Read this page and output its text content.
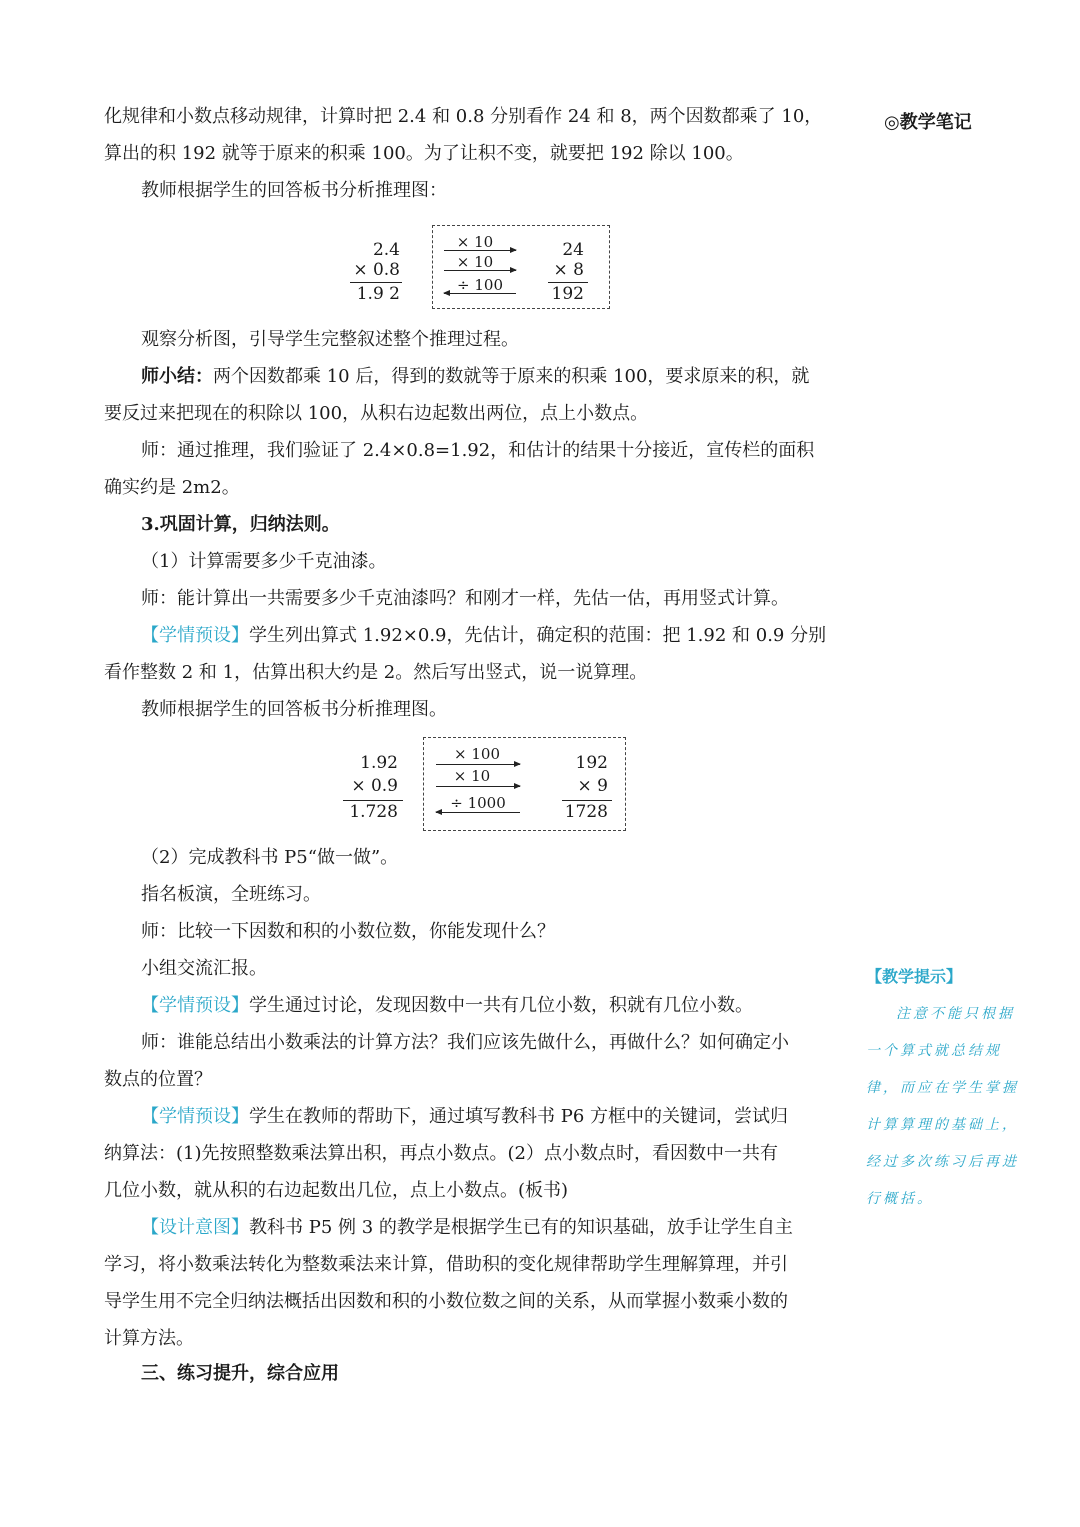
◎教学笔记
化规律和小数点移动规律，计算时把 2.4 和 0.8 分别看作 24 和 8，两个因数都乘了 10，
算出的积 192 就等于原来的积乘 100。为了让积不变，就要把 192 除以 100。
教师根据学生的回答板书分析推理图：
2.4
× 0.8
1.9 2
× 10
× 10
÷ 100
24
× 8
192
观察分析图，引导学生完整叙述整个推理过程。
师小结：两个因数都乘 10 后，得到的数就等于原来的积乘 100，要求原来的积，就
要反过来把现在的积除以 100，从积右边起数出两位，点上小数点。
师：通过推理，我们验证了 2.4×0.8=1.92，和估计的结果十分接近，宣传栏的面积
确实约是 2m2。
3.巩固计算，归纳法则。
（1）计算需要多少千克油漆。
师：能计算出一共需要多少千克油漆吗？和刚才一样，先估一估，再用竖式计算。
【学情预设】学生列出算式 1.92×0.9，先估计，确定积的范围：把 1.92 和 0.9 分别
看作整数 2 和 1，估算出积大约是 2。然后写出竖式，说一说算理。
教师根据学生的回答板书分析推理图。
1.92
× 0.9
1.728
× 100
× 10
÷ 1000
192
× 9
1728
（2）完成教科书 P5“做一做”。
指名板演，全班练习。
师：比较一下因数和积的小数位数，你能发现什么？
小组交流汇报。
【学情预设】学生通过讨论，发现因数中一共有几位小数，积就有几位小数。
师：谁能总结出小数乘法的计算方法？我们应该先做什么，再做什么？如何确定小
数点的位置？
【学情预设】学生在教师的帮助下，通过填写教科书 P6 方框中的关键词，尝试归
纳算法：(1)先按照整数乘法算出积，再点小数点。(2）点小数点时，看因数中一共有
几位小数，就从积的右边起数出几位，点上小数点。(板书)
【设计意图】教科书 P5 例 3 的教学是根据学生已有的知识基础，放手让学生自主
学习，将小数乘法转化为整数乘法来计算，借助积的变化规律帮助学生理解算理，并引
导学生用不完全归纳法概括出因数和积的小数位数之间的关系，从而掌握小数乘小数的
计算方法。
三、练习提升，综合应用
【教学提示】
注意不能只根据
一个算式就总结规
律，而应在学生掌握
计算算理的基础上，
经过多次练习后再进
行概括。
